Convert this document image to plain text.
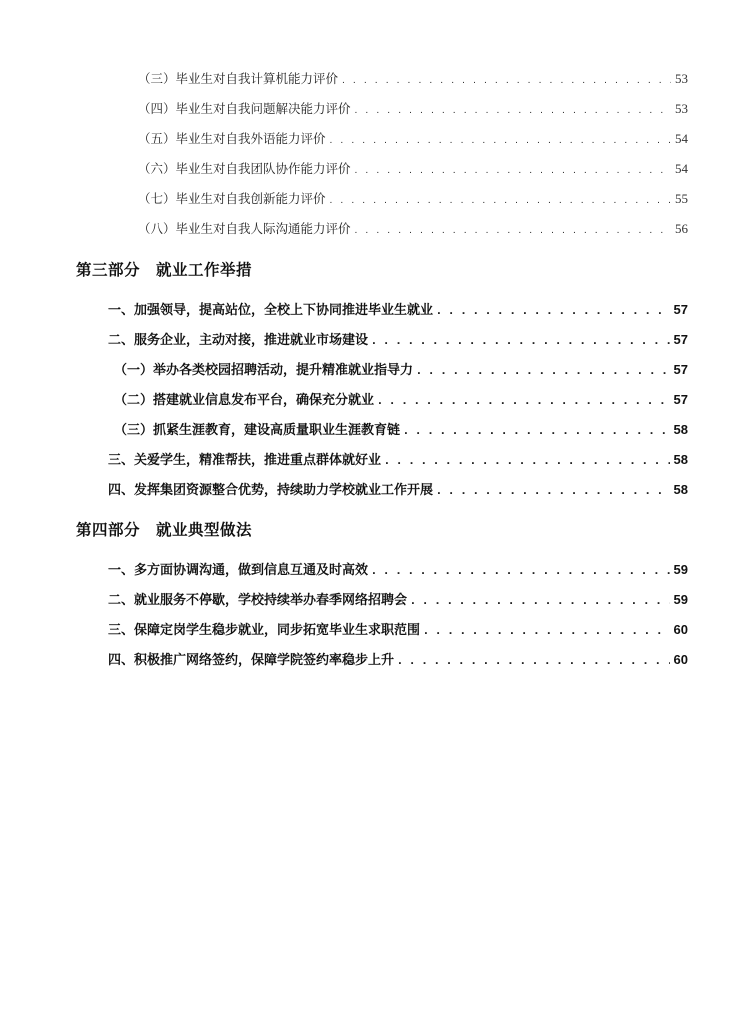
（三）毕业生对自我计算机能力评价 . . .	53
（四）毕业生对自我问题解决能力评价 . . .	53
（五）毕业生对自我外语能力评价 . . .	54
（六）毕业生对自我团队协作能力评价 . . .	54
（七）毕业生对自我创新能力评价 . . .	55
（八）毕业生对自我人际沟通能力评价 . . .	56
第三部分　就业工作举措
一、加强领导，提高站位，全校上下协同推进毕业生就业 . . .	57
二、服务企业，主动对接，推进就业市场建设 . . .	57
（一）举办各类校园招聘活动，提升精准就业指导力 . . .	57
（二）搭建就业信息发布平台，确保充分就业 . . .	57
（三）抓紧生涯教育，建设高质量职业生涯教育链 . . .	58
三、关爱学生，精准帮扶，推进重点群体就好业 . . .	58
四、发挥集团资源整合优势，持续助力学校就业工作开展 . . .	58
第四部分　就业典型做法
一、多方面协调沟通，做到信息互通及时高效 . . .	59
二、就业服务不停歇，学校持续举办春季网络招聘会 . . .	59
三、保障定岗学生稳步就业，同步拓宽毕业生求职范围 . . .	60
四、积极推广网络签约，保障学院签约率稳步上升 . . .	60
